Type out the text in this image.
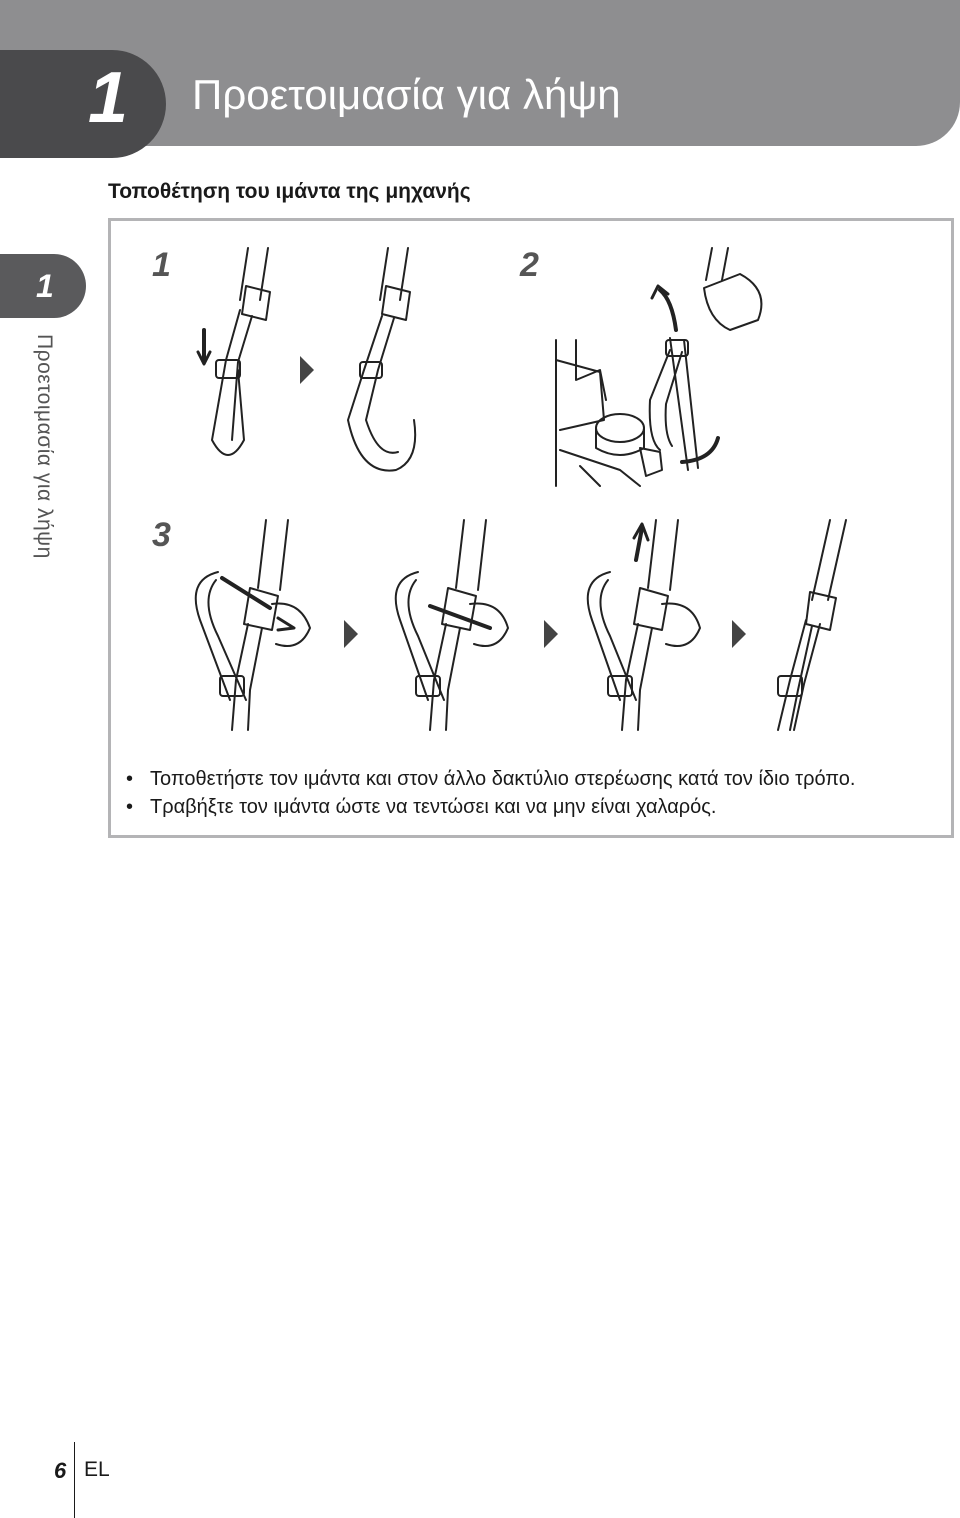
1 Προετοιμασία για λήψη
Τοποθέτηση του ιμάντα της μηχανής
1
Προετοιμασία για λήψη
1	2
3
• Τοποθετήστε τον ιμάντα και στον άλλο δακτύλιο στερέωσης κατά τον ίδιο τρόπο.
• Τραβήξτε τον ιμάντα ώστε να τεντώσει και να μην είναι χαλαρός.
6 EL
